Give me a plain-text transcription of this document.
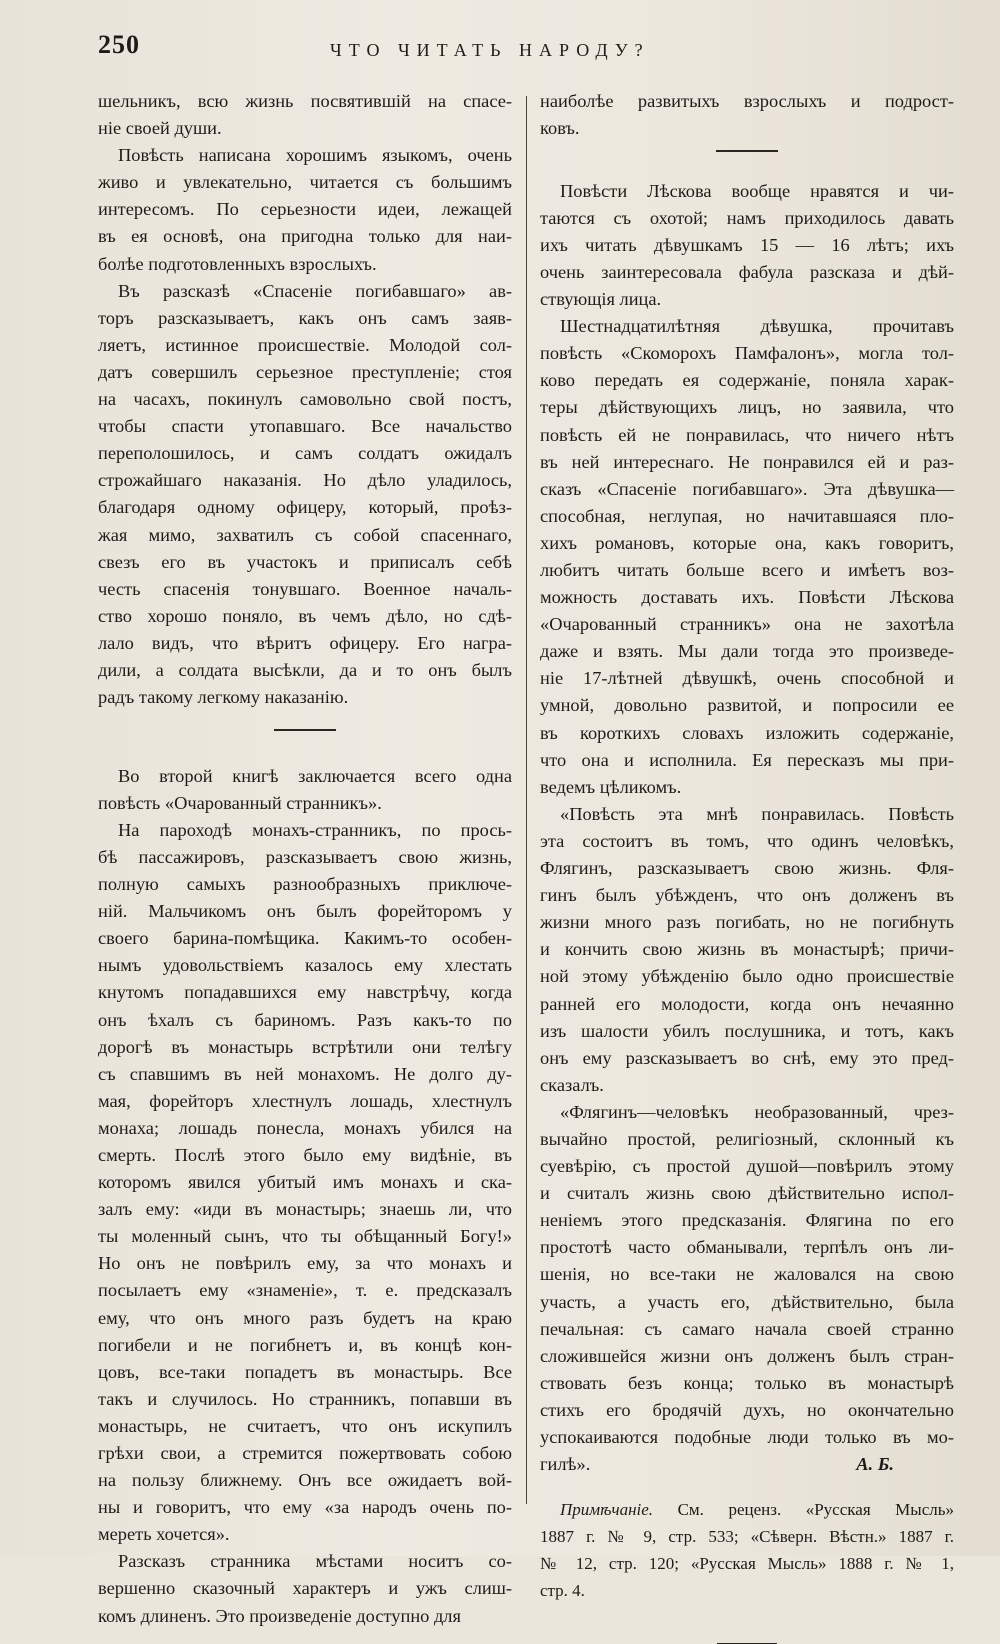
250	ЧТО ЧИТАТЬ НАРОДУ?
шельникъ, всю жизнь посвятившій на спасе-
ніе своей души.
Повѣсть написана хорошимъ языкомъ, очень
живо и увлекательно, читается съ большимъ
интересомъ. По серьезности идеи, лежащей
въ ея основѣ, она пригодна только для наи-
болѣе подготовленныхъ взрослыхъ.
Въ разсказѣ «Спасеніе погибавшаго» ав-
торъ разсказываетъ, какъ онъ самъ заяв-
ляетъ, истинное происшествіе. Молодой сол-
датъ совершилъ серьезное преступленіе; стоя
на часахъ, покинулъ самовольно свой постъ,
чтобы спасти утопавшаго. Все начальство
переполошилось, и самъ солдатъ ожидалъ
строжайшаго наказанія. Но дѣло уладилось,
благодаря одному офицеру, который, проѣз-
жая мимо, захватилъ съ собой спасеннаго,
свезъ его въ участокъ и приписалъ себѣ
честь спасенія тонувшаго. Военное началь-
ство хорошо поняло, въ чемъ дѣло, но сдѣ-
лало видъ, что вѣритъ офицеру. Его награ-
дили, а солдата высѣкли, да и то онъ былъ
радъ такому легкому наказанію.
Во второй книгѣ заключается всего одна
повѣсть «Очарованный странникъ».
На пароходѣ монахъ-странникъ, по прось-
бѣ пассажировъ, разсказываетъ свою жизнь,
полную самыхъ разнообразныхъ приключе-
ній. Мальчикомъ онъ былъ форейторомъ у
своего барина-помѣщика. Какимъ-то особен-
нымъ удовольствіемъ казалось ему хлестать
кнутомъ попадавшихся ему навстрѣчу, когда
онъ ѣхалъ съ бариномъ. Разъ какъ-то по
дорогѣ въ монастырь встрѣтили они телѣгу
съ спавшимъ въ ней монахомъ. Не долго ду-
мая, форейторъ хлестнулъ лошадь, хлестнулъ
монаха; лошадь понесла, монахъ убился на
смерть. Послѣ этого было ему видѣніе, въ
которомъ явился убитый имъ монахъ и ска-
залъ ему: «иди въ монастырь; знаешь ли, что
ты моленный сынъ, что ты обѣщанный Богу!»
Но онъ не повѣрилъ ему, за что монахъ и
посылаетъ ему «знаменіе», т. е. предсказалъ
ему, что онъ много разъ будетъ на краю
погибели и не погибнетъ и, въ концѣ кон-
цовъ, все-таки попадетъ въ монастырь. Все
такъ и случилось. Но странникъ, попавши въ
монастырь, не считаетъ, что онъ искупилъ
грѣхи свои, а стремится пожертвовать собою
на пользу ближнему. Онъ все ожидаетъ вой-
ны и говоритъ, что ему «за народъ очень по-
мереть хочется».
Разсказъ странника мѣстами носитъ со-
вершенно сказочный характеръ и ужъ слиш-
комъ длиненъ. Это произведеніе доступно для
наиболѣе развитыхъ взрослыхъ и подрост-
ковъ.
Повѣсти Лѣскова вообще нравятся и чи-
таются съ охотой; намъ приходилось давать
ихъ читать дѣвушкамъ 15 — 16 лѣтъ; ихъ
очень заинтересовала фабула разсказа и дѣй-
ствующія лица.
Шестнадцатилѣтняя дѣвушка, прочитавъ
повѣсть «Скоморохъ Памфалонъ», могла тол-
ково передать ея содержаніе, поняла харак-
теры дѣйствующихъ лицъ, но заявила, что
повѣсть ей не понравилась, что ничего нѣтъ
въ ней интереснаго. Не понравился ей и раз-
сказъ «Спасеніе погибавшаго». Эта дѣвушка—
способная, неглупая, но начитавшаяся пло-
хихъ романовъ, которые она, какъ говоритъ,
любитъ читать больше всего и имѣетъ воз-
можность доставать ихъ. Повѣсти Лѣскова
«Очарованный странникъ» она не захотѣла
даже и взять. Мы дали тогда это произведе-
ніе 17-лѣтней дѣвушкѣ, очень способной и
умной, довольно развитой, и попросили ее
въ короткихъ словахъ изложить содержаніе,
что она и исполнила. Ея пересказъ мы при-
ведемъ цѣликомъ.
«Повѣсть эта мнѣ понравилась. Повѣсть
эта состоитъ въ томъ, что одинъ человѣкъ,
Флягинъ, разсказываетъ свою жизнь. Фля-
гинъ былъ убѣжденъ, что онъ долженъ въ
жизни много разъ погибать, но не погибнуть
и кончить свою жизнь въ монастырѣ; причи-
ной этому убѣжденію было одно происшествіе
ранней его молодости, когда онъ нечаянно
изъ шалости убилъ послушника, и тотъ, какъ
онъ ему разсказываетъ во снѣ, ему это пред-
сказалъ.
«Флягинъ—человѣкъ необразованный, чрез-
вычайно простой, религіозный, склонный къ
суевѣрію, съ простой душой—повѣрилъ этому
и считалъ жизнь свою дѣйствительно испол-
неніемъ этого предсказанія. Флягина по его
простотѣ часто обманывали, терпѣлъ онъ ли-
шенія, но все-таки не жаловался на свою
участь, а участь его, дѣйствительно, была
печальная: съ самаго начала своей странно
сложившейся жизни онъ долженъ былъ стран-
ствовать безъ конца; только въ монастырѣ
стихъ его бродячій духъ, но окончательно
успокаиваются подобные люди только въ мо-
гилѣ».	А. Б.
Примѣчаніе. См. реценз. «Русская Мысль»
1887 г. № 9, стр. 533; «Сѣверн. Вѣстн.» 1887 г.
№ 12, стр. 120; «Русская Мысль» 1888 г. № 1,
стр. 4.
